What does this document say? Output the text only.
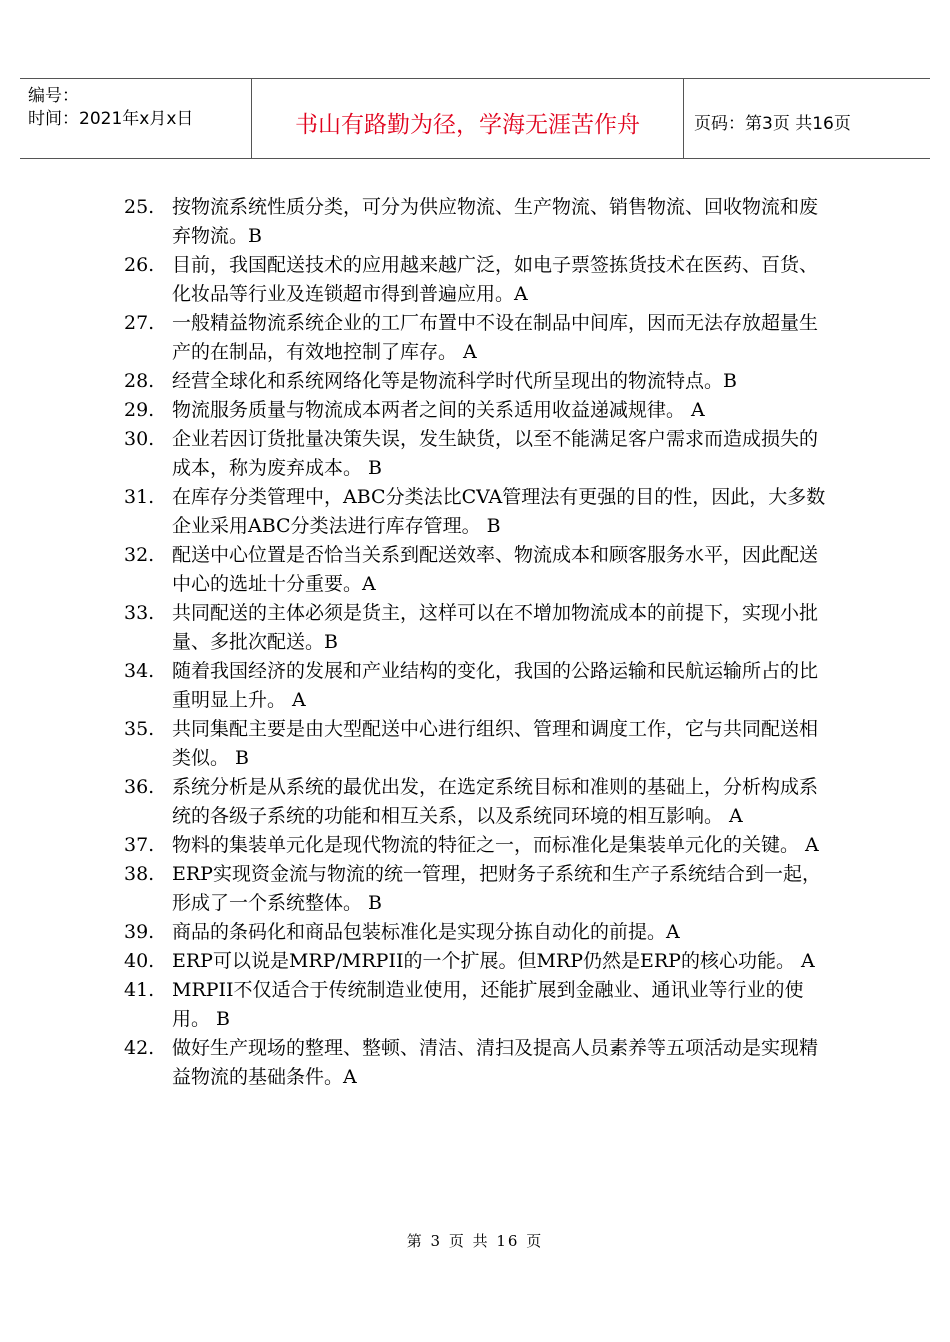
编号：
时间：2021年x月x日	书山有路勤为径，学海无涯苦作舟	页码：第3页 共16页
25. 按物流系统性质分类，可分为供应物流、生产物流、销售物流、回收物流和废弃物流。B
26. 目前，我国配送技术的应用越来越广泛，如电子票签拣货技术在医药、百货、化妆品等行业及连锁超市得到普遍应用。A
27. 一般精益物流系统企业的工厂布置中不设在制品中间库，因而无法存放超量生产的在制品，有效地控制了库存。 A
28. 经营全球化和系统网络化等是物流科学时代所呈现出的物流特点。B
29. 物流服务质量与物流成本两者之间的关系适用收益递减规律。 A
30. 企业若因订货批量决策失误，发生缺货，以至不能满足客户需求而造成损失的成本，称为废弃成本。 B
31. 在库存分类管理中，ABC分类法比CVA管理法有更强的目的性，因此，大多数企业采用ABC分类法进行库存管理。 B
32. 配送中心位置是否恰当关系到配送效率、物流成本和顾客服务水平，因此配送中心的选址十分重要。A
33. 共同配送的主体必须是货主，这样可以在不增加物流成本的前提下，实现小批量、多批次配送。B
34. 随着我国经济的发展和产业结构的变化，我国的公路运输和民航运输所占的比重明显上升。 A
35. 共同集配主要是由大型配送中心进行组织、管理和调度工作，它与共同配送相类似。 B
36. 系统分析是从系统的最优出发，在选定系统目标和准则的基础上，分析构成系统的各级子系统的功能和相互关系，以及系统同环境的相互影响。 A
37. 物料的集装单元化是现代物流的特征之一，而标准化是集装单元化的关键。 A
38. ERP实现资金流与物流的统一管理，把财务子系统和生产子系统结合到一起，形成了一个系统整体。 B
39. 商品的条码化和商品包装标准化是实现分拣自动化的前提。A
40. ERP可以说是MRP/MRPII的一个扩展。但MRP仍然是ERP的核心功能。 A
41. MRPII不仅适合于传统制造业使用，还能扩展到金融业、通讯业等行业的使用。 B
42. 做好生产现场的整理、整顿、清洁、清扫及提高人员素养等五项活动是实现精益物流的基础条件。A
第 3 页 共 16 页
